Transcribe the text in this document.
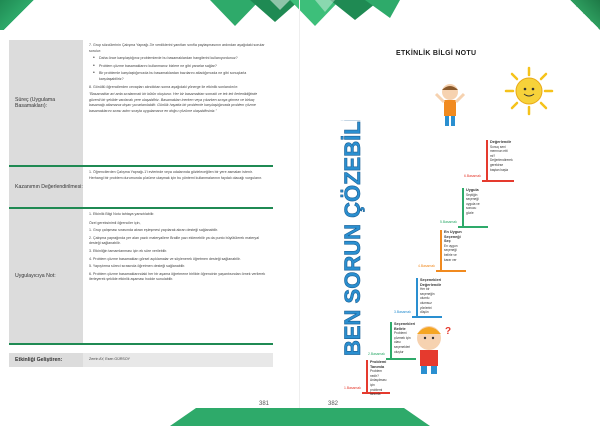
Süreç (Uygulama Basamakları):
7. Grup sözcülerinin Çalışma Yaprağı-3'e verdiklerini yanıtları sınıfla paylaşmasının ardından aşağıdaki sorular sorulur:
• Daha önce karşılaştığınız problemlerde bu basamaklardan hangilerini kullanıyordunuz?
• Problem çözme basamaklarını kullanmanız bizlere ne gibi yararlar sağlar?
• Bir problemle karşılaştığımızda bu basamaklardan bazılarını atladığımızda ne gibi sonuçlarla karşılaşabiliriz?
8. Gönüllü öğrencilerden cevapları alındıktan sonra aşağıdaki yönerge ile etkinlik sonlandırılır:
"Basamaklar art arda sıralanmak bir bütün oluşturur. Her bir basamaktan sonraki ve tek tek ilerlenildiğinde güvenli bir şekilde varılacak yere ulaşabiliriz. Basamakları inerken veya çıkarken sıraya girmez ve birkaç basamağı atlamanız dışarı yuvarlanılabilir. Günlük hayatta bir problemle karşılaştığınızda problem çözme basamaklarını sırası adım sırayla uygulamanız en doğru çözüme ulaşabilirsiniz."
Kazanımın Değerlendirilmesi:
1. Öğrencilerden Çalışma Yaprağı-1'i evlerinde veya odalarında gözleleceğilen bir yere asmaları istenir. Herhangi bir problem durumunda çözüme ulaşmak için bu yöntemi kullanmalarının faydalı olacağı vurgulanır.
Uygulayıcıya Not:
1. Etkinlik Bilgi Notu tahtaya yansıtılabilir.
Özel gereksinimli öğrenciler için,
1. Grup çalışması sırasında akran eşleşmesi yapılarak akran desteği sağlanabilir.
2. Çalışma yaprağında yer alan yazılı materyallere Braille yazı eklenebilir ya da punto büyütülerek materyal desteği sağlanabilir.
3. Etkinliğin tamamlanması için ek süre verilebilir.
4. Problem çözme basamakları görsel açıklamalar ve söylenerek öğretmen desteği sağlanabilir.
5. Yapıştırma süreci sırasında öğretmen desteği sağlanabilir.
6. Problem çözme basamaklarındaki her bir aşama öğretmene birlikte öğrencinin yaşantısından örnek verilerek ilerleyerek şekilde etkinlik aşaması hodde sunulabilir.
Etkinliği Geliştiren:	Zerrin AY, Esen GÜRSOY
381	382
ETKİNLİK BİLGİ NOTU
BEN SORUN ÇÖZEBİLİRİM	?
1.Basamak
Problemi Tanımla
Problem nedir? Anlaşılması için problemi tanımla
2.Basamak
Seçenekleri Belirle
Problemi çözmek için olası seçenekleri oluştur
3.Basamak
Seçenekleri Değerlendir
Her bir seçeneğin olumlu olumsuz yönlerini düşün
4.Basamak
En Uygun Seçeneği Seç
En uygun seçeneği belirle ve karar ver
5.Basamak
Uygula
Seçtiğin seçeneği uygula ve sonucu gözle
6.Basamak
Değerlendir
Sonuç seni memnun etti mi? Değerlendirerek gerekirse baştan başla
